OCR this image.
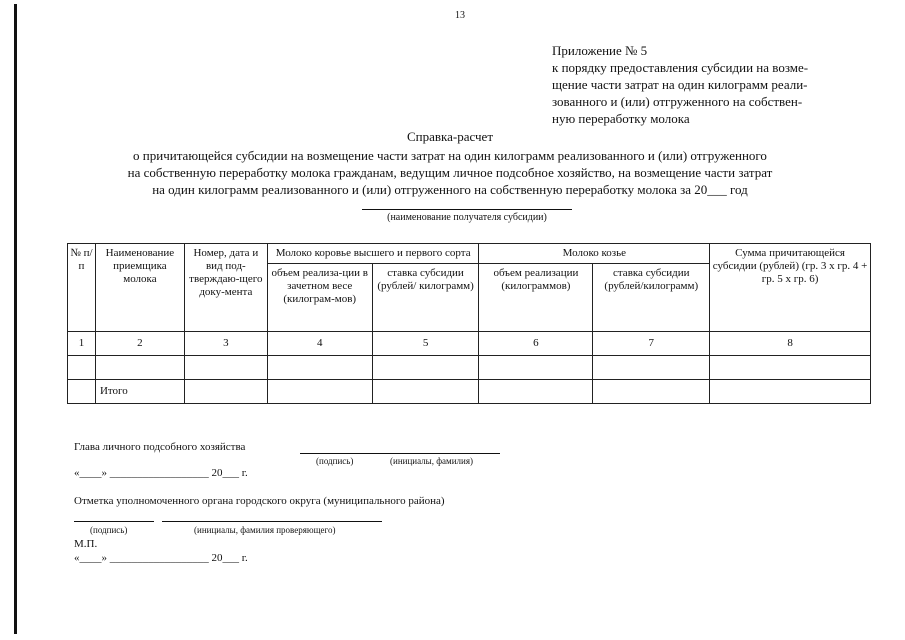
13
Приложение № 5
к порядку предоставления субсидии на возме-
щение части затрат на один килограмм реали-
зованного и (или) отгруженного на собствен-
ную переработку молока
Справка-расчет
о причитающейся субсидии на возмещение части затрат на один килограмм реализованного и (или) отгруженного
на собственную переработку молока гражданам, ведущим личное подсобное хозяйство, на возмещение части затрат
на один килограмм реализованного и (или) отгруженного на собственную переработку молока за 20___ год
(наименование получателя субсидии)
№ п/п	Наименование приемщика молока	Номер, дата и вид под-тверждаю-щего доку-мента	Молоко коровье высшего и первого сорта		Молоко козье		Сумма причитающейся субсидии (рублей) (гр. 3 х гр. 4 + гр. 5 х гр. 6)
			объем реализа-ции в зачетном весе (килограм-мов)	ставка субсидии (рублей/ килограмм)	объем реализации (килограммов)	ставка субсидии (рублей/килограмм)	
1	2	3	4	5	6	7	8

	Итого						
Глава личного подсобного хозяйства
(подпись)	(инициалы, фамилия)
«____» __________________ 20___ г.
Отметка уполномоченного органа городского округа (муниципального района)
(подпись)	(инициалы, фамилия проверяющего)
М.П.
«____» __________________ 20___ г.
